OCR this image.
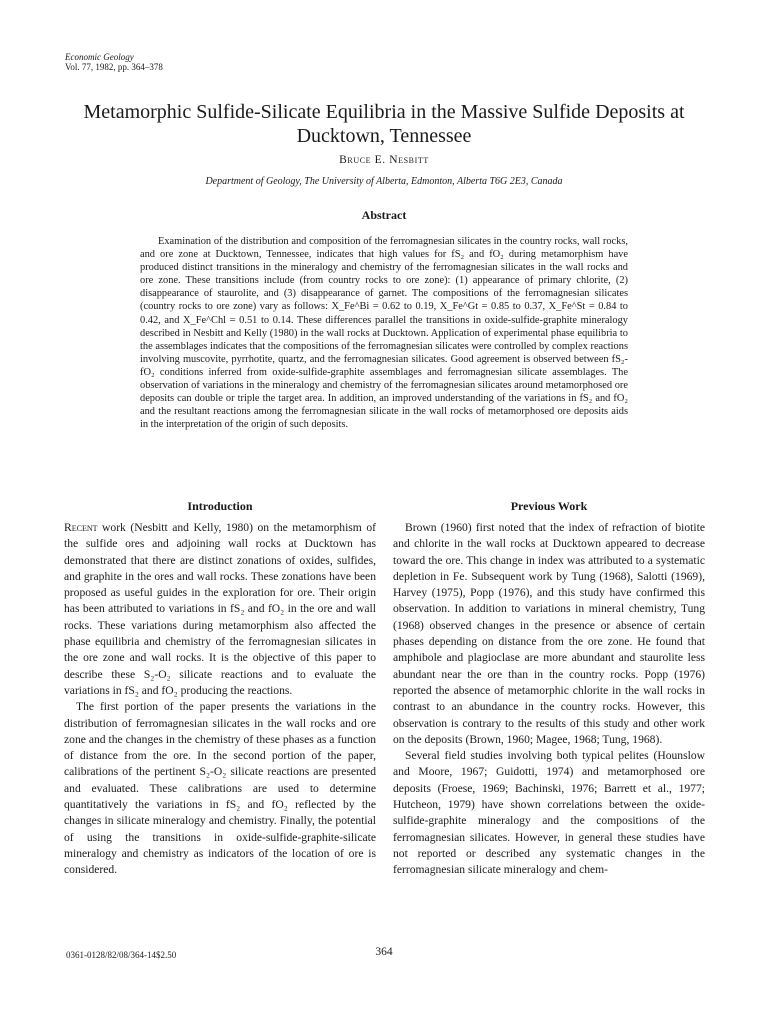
Economic Geology
Vol. 77, 1982, pp. 364–378
Metamorphic Sulfide-Silicate Equilibria in the Massive Sulfide Deposits at Ducktown, Tennessee
Bruce E. Nesbitt
Department of Geology, The University of Alberta, Edmonton, Alberta T6G 2E3, Canada
Abstract

Examination of the distribution and composition of the ferromagnesian silicates in the country rocks, wall rocks, and ore zone at Ducktown, Tennessee, indicates that high values for fS₂ and fO₂ during metamorphism have produced distinct transitions in the mineralogy and chemistry of the ferromagnesian silicates in the wall rocks and ore zone. These transitions include (from country rocks to ore zone): (1) appearance of primary chlorite, (2) disappearance of staurolite, and (3) disappearance of garnet. The compositions of the ferromagnesian silicates (country rocks to ore zone) vary as follows: X_Fe^Bi = 0.62 to 0.19, X_Fe^Gt = 0.85 to 0.37, X_Fe^St = 0.84 to 0.42, and X_Fe^Chl = 0.51 to 0.14. These differences parallel the transitions in oxide-sulfide-graphite mineralogy described in Nesbitt and Kelly (1980) in the wall rocks at Ducktown. Application of experimental phase equilibria to the assemblages indicates that the compositions of the ferromagnesian silicates were controlled by complex reactions involving muscovite, pyrrhotite, quartz, and the ferromagnesian silicates. Good agreement is observed between fS₂-fO₂ conditions inferred from oxide-sulfide-graphite assemblages and ferromagnesian silicate assemblages. The observation of variations in the mineralogy and chemistry of the ferromagnesian silicates around metamorphosed ore deposits can double or triple the target area. In addition, an improved understanding of the variations in fS₂ and fO₂ and the resultant reactions among the ferromagnesian silicate in the wall rocks of metamorphosed ore deposits aids in the interpretation of the origin of such deposits.

Introduction

Recent work (Nesbitt and Kelly, 1980) on the metamorphism of the sulfide ores and adjoining wall rocks at Ducktown has demonstrated that there are distinct zonations of oxides, sulfides, and graphite in the ores and wall rocks. These zonations have been proposed as useful guides in the exploration for ore. Their origin has been attributed to variations in fS₂ and fO₂ in the ore and wall rocks. These variations during metamorphism also affected the phase equilibria and chemistry of the ferromagnesian silicates in the ore zone and wall rocks. It is the objective of this paper to describe these S₂-O₂ silicate reactions and to evaluate the variations in fS₂ and fO₂ producing the reactions.

The first portion of the paper presents the variations in the distribution of ferromagnesian silicates in the wall rocks and ore zone and the changes in the chemistry of these phases as a function of distance from the ore. In the second portion of the paper, calibrations of the pertinent S₂-O₂ silicate reactions are presented and evaluated. These calibrations are used to determine quantitatively the variations in fS₂ and fO₂ reflected by the changes in silicate mineralogy and chemistry. Finally, the potential of using the transitions in oxide-sulfide-graphite-silicate mineralogy and chemistry as indicators of the location of ore is considered.

Previous Work

Brown (1960) first noted that the index of refraction of biotite and chlorite in the wall rocks at Ducktown appeared to decrease toward the ore. This change in index was attributed to a systematic depletion in Fe. Subsequent work by Tung (1968), Salotti (1969), Harvey (1975), Popp (1976), and this study have confirmed this observation. In addition to variations in mineral chemistry, Tung (1968) observed changes in the presence or absence of certain phases depending on distance from the ore zone. He found that amphibole and plagioclase are more abundant and staurolite less abundant near the ore than in the country rocks. Popp (1976) reported the absence of metamorphic chlorite in the wall rocks in contrast to an abundance in the country rocks. However, this observation is contrary to the results of this study and other work on the deposits (Brown, 1960; Magee, 1968; Tung, 1968).

Several field studies involving both typical pelites (Hounslow and Moore, 1967; Guidotti, 1974) and metamorphosed ore deposits (Froese, 1969; Bachinski, 1976; Barrett et al., 1977; Hutcheon, 1979) have shown correlations between the oxide-sulfide-graphite mineralogy and the compositions of the ferromagnesian silicates. However, in general these studies have not reported or described any systematic changes in the ferromagnesian silicate mineralogy and chem-

0361-0128/82/08/364-14$2.50	364
